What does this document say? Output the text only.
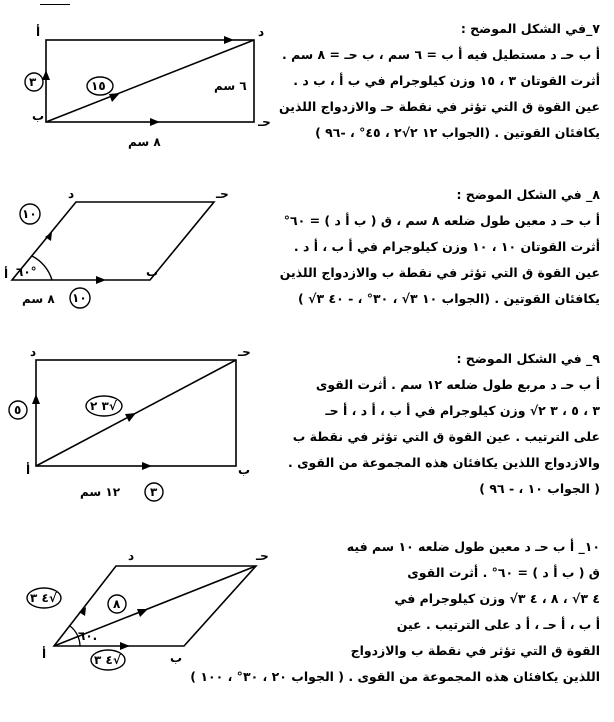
٧_في الشكل الموضح :
أ ب حـ د مستطيل فيه أ ب = ٦ سم ، ب حـ = ٨ سم .
أثرت القوتان ٣ ، ١٥ وزن كيلوجرام في ب أ ، ب د .
عين القوة ق التي تؤثر في نقطة حـ والازدواج اللذين
يكافئان القوتين . (الجواب ١٢ ٢√٢ ، ٤٥° ، -٩٦ )
أ	د
ب	حـ
٣	١٥	٦ سم
٨ سم
٨_ في الشكل الموضح :
أ ب حـ د معين طول ضلعه ٨ سم ، ق ( ب أ د ) = ٦٠°
أثرت القوتان ١٠ ، ١٠ وزن كيلوجرام في أ ب ، أ د .
عين القوة ق التي تؤثر في نقطة ب والازدواج اللذين
يكافئان القوتين . (الجواب ١٠ ٣√ ، ٣٠° ، - ٤٠ ٣√ )
٦٠°
أ	ب
حـ
د
١٠
١٠
٨ سم
٩_ في الشكل الموضح :
أ ب حـ د مربع طول ضلعه ١٢ سم . أثرت القوى
٣ ، ٥ ، ٣ ٢√ وزن كيلوجرام في أ ب ، أ د ، أ حـ
على الترتيب . عين القوة ق التي تؤثر في نقطة ب
والازدواج اللذين يكافئان هذه المجموعة من القوى .
( الجواب ١٠ ، - ٩٦ )
د	حـ
أ	ب
٥	٣ ٢√
٣
١٢ سم
١٠_ أ ب حـ د معين طول ضلعه ١٠ سم فيه
ق ( ب أ د ) = ٦٠° . أثرت القوى
٤ ٣√ ، ٨ ، ٤ ٣√ وزن كيلوجرام في
أ ب ، أ حـ ، أ د على الترتيب . عين
القوة ق التي تؤثر في نقطة ب والازدواج
اللذين يكافئان هذه المجموعة من القوى . ( الجواب ٢٠ ، ٣٠° ، ١٠٠ )
٦٠.
أ	ب
حـ
د
٤ ٣√	٨
٤ ٣√
